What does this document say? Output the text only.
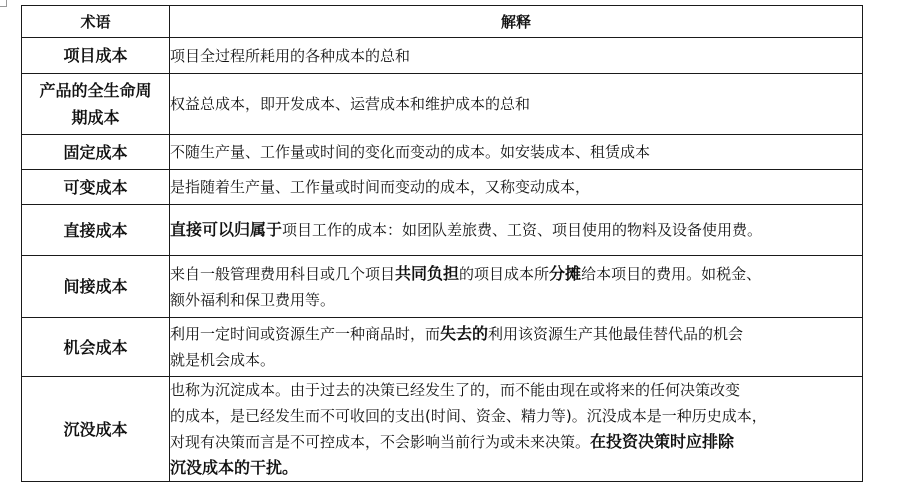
术语	解释
项目成本	项目全过程所耗用的各种成本的总和

产品的全生命周
期成本	权益总成本，即开发成本、运营成本和维护成本的总和

固定成本	不随生产量、工作量或时间的变化而变动的成本。如安装成本、租赁成本

可变成本	是指随着生产量、工作量或时间而变动的成本，又称变动成本，

直接成本	直接可以归属于项目工作的成本：如团队差旅费、工资、项目使用的物料及设备使用费。

间接成本	来自一般管理费用科目或几个项目共同负担的项目成本所分摊给本项目的费用。如税金、
额外福利和保卫费用等。

机会成本	利用一定时间或资源生产一种商品时，而失去的利用该资源生产其他最佳替代品的机会
就是机会成本。

沉没成本	也称为沉淀成本。由于过去的决策已经发生了的，而不能由现在或将来的任何决策改变
的成本，是已经发生而不可收回的支出(时间、资金、精力等)。沉没成本是一种历史成本，
对现有决策而言是不可控成本，不会影响当前行为或未来决策。在投资决策时应排除
沉没成本的干扰。
